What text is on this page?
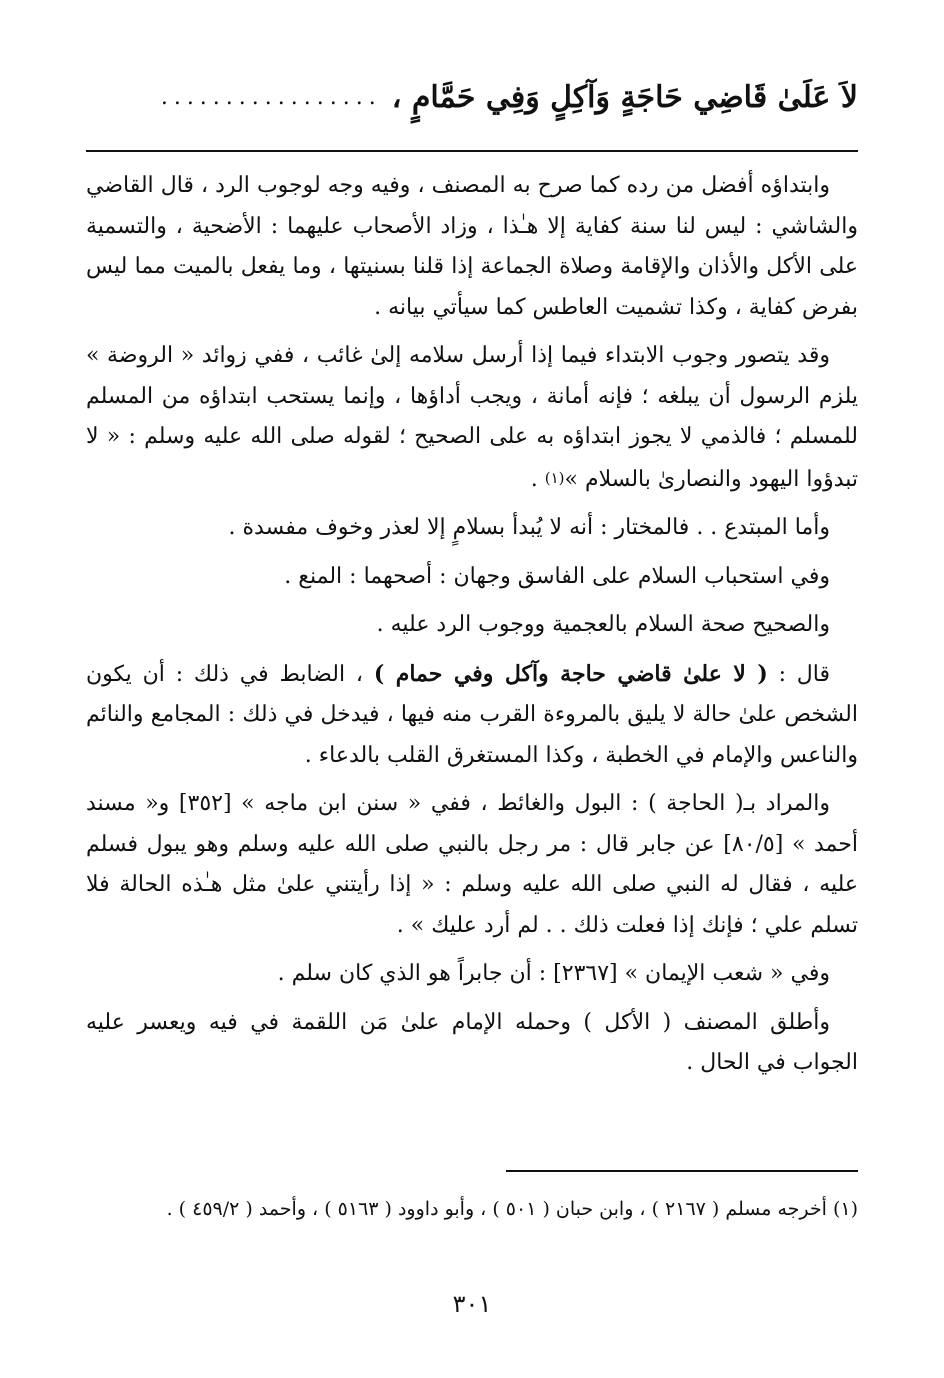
لاَ عَلَىٰ قَاضِي حَاجَةٍ وَآكِلٍ وَفِي حَمَّامٍ ،
.................

وابتداؤه أفضل من رده كما صرح به المصنف ، وفيه وجه لوجوب الرد ، قال القاضي والشاشي : ليس لنا سنة كفاية إلا هـٰذا ، وزاد الأصحاب عليهما : الأضحية ، والتسمية على الأكل والأذان والإقامة وصلاة الجماعة إذا قلنا بسنيتها ، وما يفعل بالميت مما ليس بفرض كفاية ، وكذا تشميت العاطس كما سيأتي بيانه .

وقد يتصور وجوب الابتداء فيما إذا أرسل سلامه إلىٰ غائب ، ففي زوائد « الروضة » يلزم الرسول أن يبلغه ؛ فإنه أمانة ، ويجب أداؤها ، وإنما يستحب ابتداؤه من المسلم للمسلم ؛ فالذمي لا يجوز ابتداؤه به على الصحيح ؛ لقوله صلى الله عليه وسلم : « لا تبدؤوا اليهود والنصارىٰ بالسلام »(١) .

وأما المبتدع . . فالمختار : أنه لا يُبدأ بسلامٍ إلا لعذر وخوف مفسدة .

وفي استحباب السلام على الفاسق وجهان : أصحهما : المنع .

والصحيح صحة السلام بالعجمية ووجوب الرد عليه .

قال : ( لا علىٰ قاضي حاجة وآكل وفي حمام ) ، الضابط في ذلك : أن يكون الشخص علىٰ حالة لا يليق بالمروءة القرب منه فيها ، فيدخل في ذلك : المجامع والنائم والناعس والإمام في الخطبة ، وكذا المستغرق القلب بالدعاء .

والمراد بـ( الحاجة ) : البول والغائط ، ففي « سنن ابن ماجه » [٣٥٢] و« مسند أحمد » [٨٠/٥] عن جابر قال : مر رجل بالنبي صلى الله عليه وسلم وهو يبول فسلم عليه ، فقال له النبي صلى الله عليه وسلم : « إذا رأيتني علىٰ مثل هـٰذه الحالة فلا تسلم علي ؛ فإنك إذا فعلت ذلك . . لم أرد عليك » .

وفي « شعب الإيمان » [٢٣٦٧] : أن جابراً هو الذي كان سلم .

وأطلق المصنف ( الأكل ) وحمله الإمام علىٰ مَن اللقمة في فيه ويعسر عليه الجواب في الحال .

(١) أخرجه مسلم ( ٢١٦٧ ) ، وابن حبان ( ٥٠١ ) ، وأبو داوود ( ٥١٦٣ ) ، وأحمد ( ٤٥٩/٢ ) .
٣٠١
